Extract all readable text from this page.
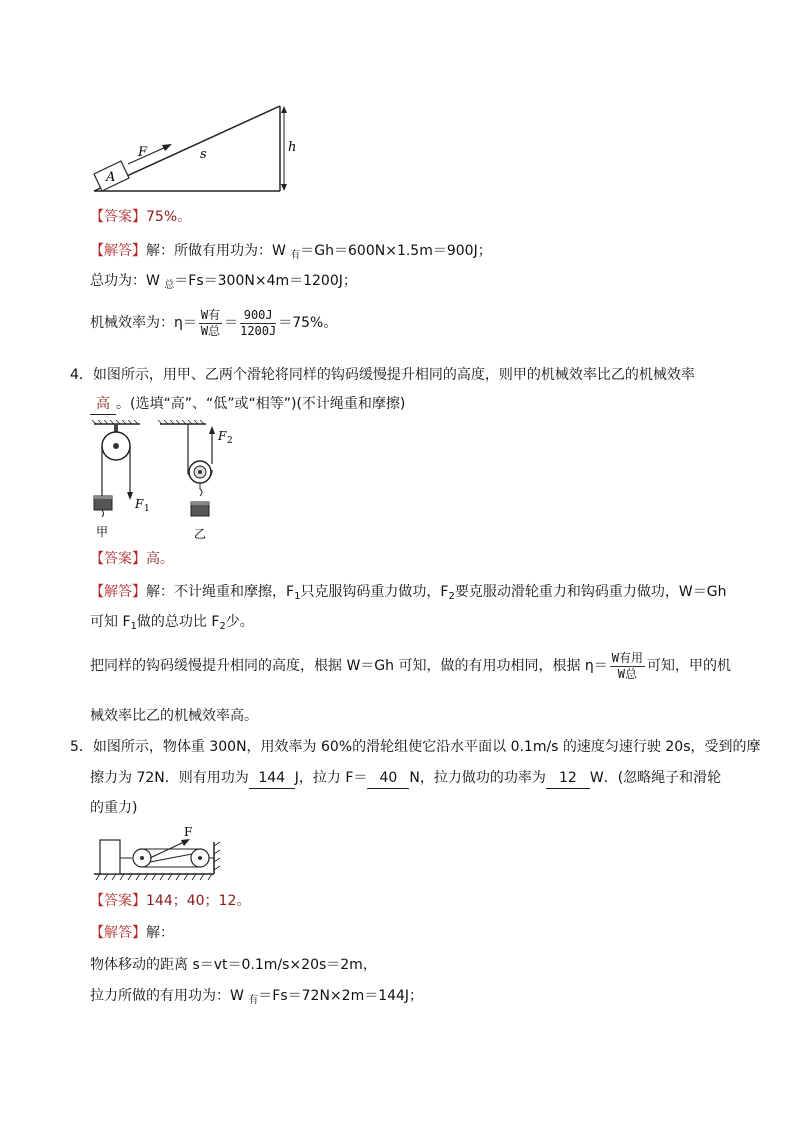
A
F	s	h
【答案】75%。
【解答】解：所做有用功为：W $_有$＝Gh＝600N×1.5m＝900J；
总功为：W $_总$＝Fs＝300N×4m＝1200J；
机械效率为：$\eta= \frac{\text{W有}}{\text{W总}} = \frac{900J}{1200J} =75\%$。
4．如图所示，用甲、乙两个滑轮将同样的钩码缓慢提升相同的高度，则甲的机械效率比乙的机械效率
高 。(选填“高”、“低”或“相等”)(不计绳重和摩擦)
F 1
甲
F 2
乙
【答案】高。
【解答】解：不计绳重和摩擦，$F_1$只克服钩码重力做功，$F_2$要克服动滑轮重力和钩码重力做功，W＝Gh
可知 $F_1$做的总功比 $F_2$少。
把同样的钩码缓慢提升相同的高度，根据 W＝Gh 可知，做的有用功相同，根据 $\eta= \frac{\text{W有用}}{\text{W总}}$ 可知，甲的机
械效率比乙的机械效率高。
5．如图所示，物体重 300N，用效率为 60%的滑轮组使它沿水平面以 0.1m/s 的速度匀速行驶 20s，受到的摩
擦力为 72N．则有用功为 144 J，拉力 F＝ 40 N，拉力做功的功率为 12 W．(忽略绳子和滑轮
的重力)
F
【答案】144；40；12。
【解答】解：
物体移动的距离 s＝vt＝0.1m/s×20s＝2m，
拉力所做的有用功为：W $_有$＝Fs＝72N×2m＝144J；
